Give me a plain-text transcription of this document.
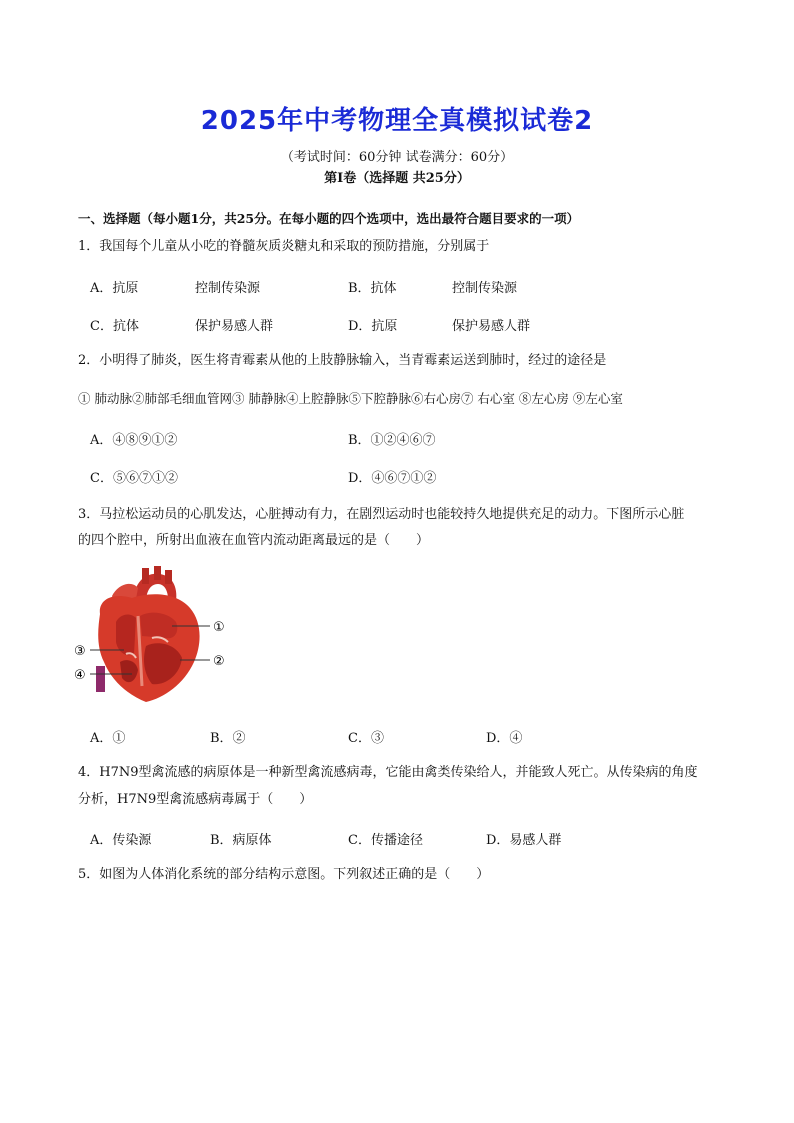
2025年中考物理全真模拟试卷2
（考试时间：60分钟 试卷满分：60分）
第I卷（选择题 共25分）
一、选择题（每小题1分，共25分。在每小题的四个选项中，选出最符合题目要求的一项）
1．我国每个儿童从小吃的脊髓灰质炎糖丸和采取的预防措施，分别属于
A．抗原	控制传染源	B．抗体	控制传染源
C．抗体	保护易感人群	D．抗原	保护易感人群
2．小明得了肺炎，医生将青霉素从他的上肢静脉输入，当青霉素运送到肺时，经过的途径是
① 肺动脉②肺部毛细血管网③ 肺静脉④上腔静脉⑤下腔静脉⑥右心房⑦ 右心室 ⑧左心房 ⑨左心室
A．④⑧⑨①②	B．①②④⑥⑦
C．⑤⑥⑦①②	D．④⑥⑦①②
3．马拉松运动员的心肌发达，心脏搏动有力，在剧烈运动时也能较持久地提供充足的动力。下图所示心脏
的四个腔中，所射出血液在血管内流动距离最远的是（　　）
①
②
③
④
A．①	B．②	C．③	D．④
4．H7N9型禽流感的病原体是一种新型禽流感病毒，它能由禽类传染给人，并能致人死亡。从传染病的角度
分析，H7N9型禽流感病毒属于（　　）
A．传染源	B．病原体	C．传播途径	D．易感人群
5．如图为人体消化系统的部分结构示意图。下列叙述正确的是（　　）
